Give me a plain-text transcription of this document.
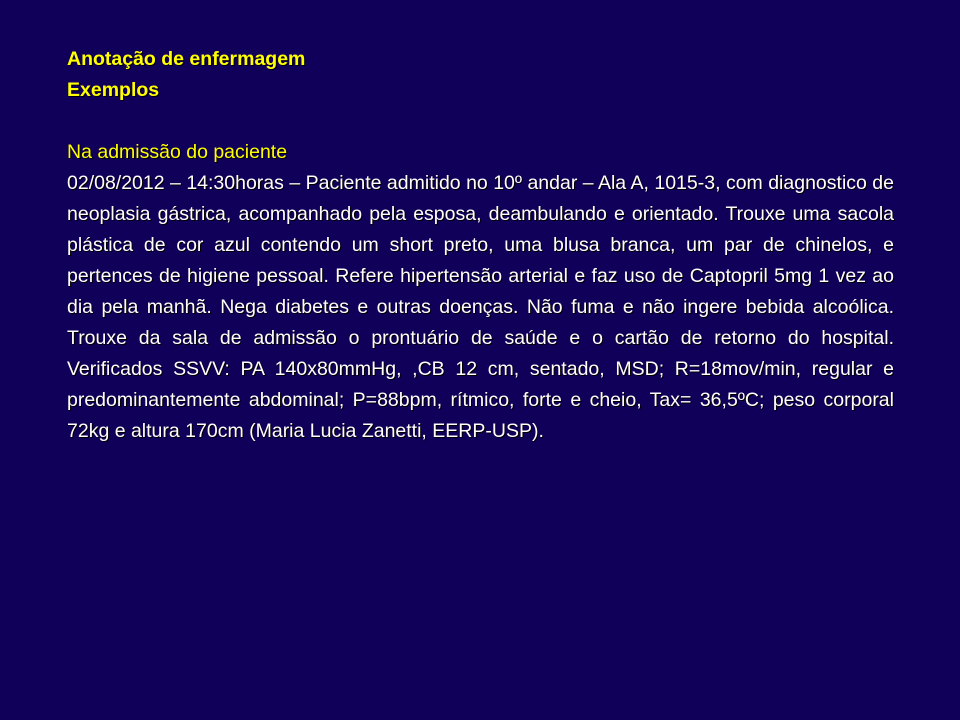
Anotação de enfermagem

Exemplos

Na admissão do paciente

02/08/2012 – 14:30horas – Paciente admitido no 10º andar – Ala A, 1015-3, com diagnostico de neoplasia gástrica, acompanhado pela esposa, deambulando e orientado. Trouxe uma sacola plástica de cor azul contendo um short preto, uma blusa branca, um par de chinelos, e pertences de higiene pessoal. Refere hipertensão arterial e faz uso de Captopril 5mg 1 vez ao dia pela manhã. Nega diabetes e outras doenças. Não fuma e não ingere bebida alcoólica. Trouxe da sala de admissão o prontuário de saúde e o cartão de retorno do hospital. Verificados SSVV: PA 140x80mmHg, ,CB 12 cm, sentado, MSD; R=18mov/min, regular e predominantemente abdominal; P=88bpm, rítmico, forte e cheio, Tax= 36,5ºC; peso corporal 72kg e altura 170cm (Maria Lucia Zanetti, EERP-USP).
